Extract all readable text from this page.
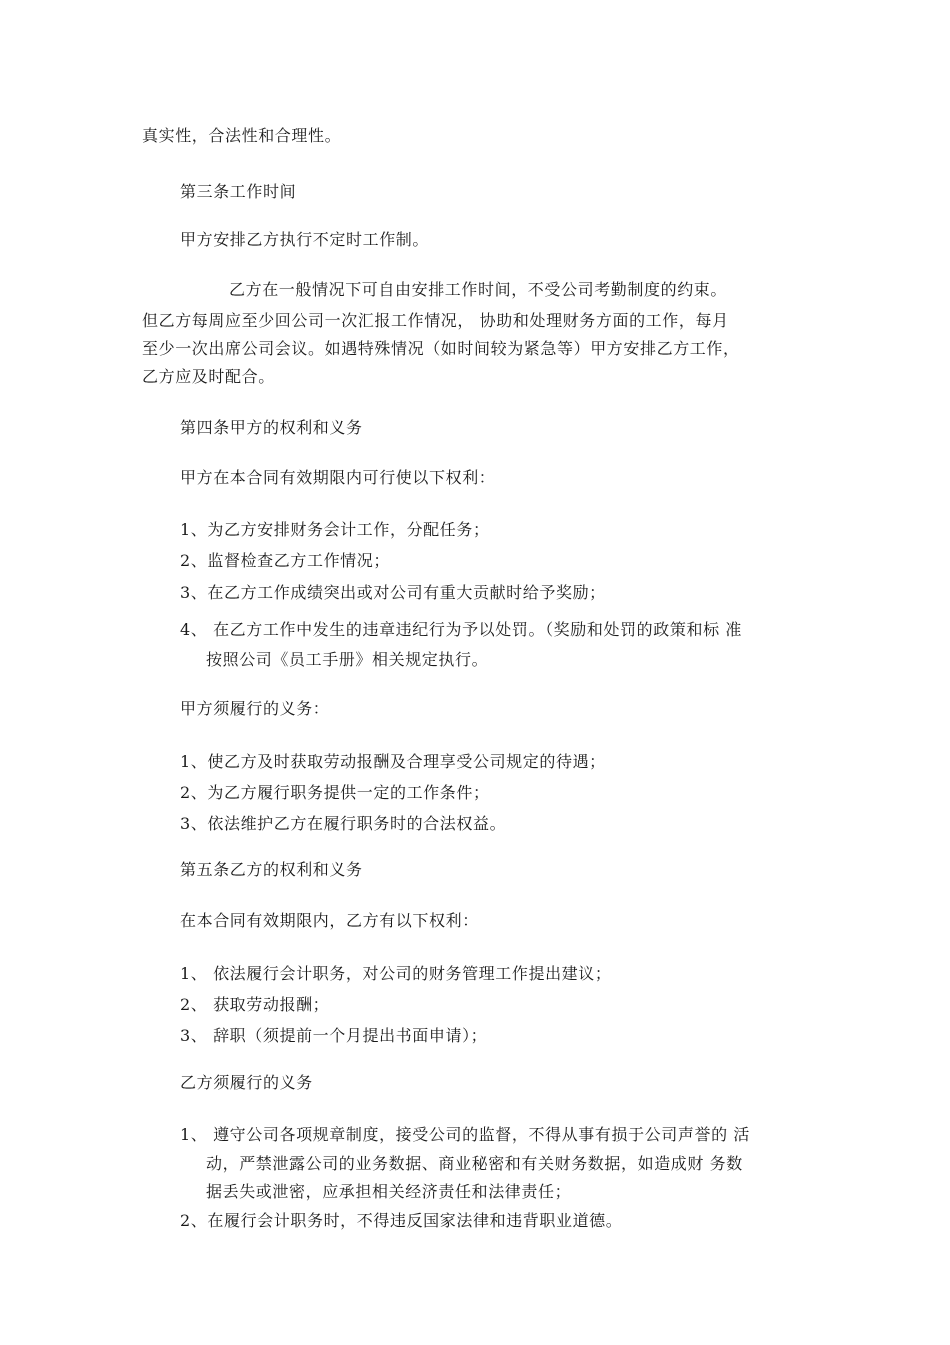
真实性，合法性和合理性。
第三条工作时间
甲方安排乙方执行不定时工作制。
乙方在一般情况下可自由安排工作时间，不受公司考勤制度的约束。
但乙方每周应至少回公司一次汇报工作情况， 协助和处理财务方面的工作，每月
至少一次出席公司会议。如遇特殊情况（如时间较为紧急等）甲方安排乙方工作，
乙方应及时配合。
第四条甲方的权利和义务
甲方在本合同有效期限内可行使以下权利：
1、为乙方安排财务会计工作，分配任务；
2、监督检查乙方工作情况；
3、在乙方工作成绩突出或对公司有重大贡献时给予奖励；
4、 在乙方工作中发生的违章违纪行为予以处罚。（奖励和处罚的政策和标 准
按照公司《员工手册》相关规定执行。
甲方须履行的义务：
1、使乙方及时获取劳动报酬及合理享受公司规定的待遇；
2、为乙方履行职务提供一定的工作条件；
3、依法维护乙方在履行职务时的合法权益。
第五条乙方的权利和义务
在本合同有效期限内，乙方有以下权利：
1、 依法履行会计职务，对公司的财务管理工作提出建议；
2、 获取劳动报酬；
3、 辞职（须提前一个月提出书面申请）；
乙方须履行的义务
1、 遵守公司各项规章制度，接受公司的监督，不得从事有损于公司声誉的 活
动，严禁泄露公司的业务数据、商业秘密和有关财务数据，如造成财 务数
据丢失或泄密，应承担相关经济责任和法律责任；
2、在履行会计职务时，不得违反国家法律和违背职业道德。
